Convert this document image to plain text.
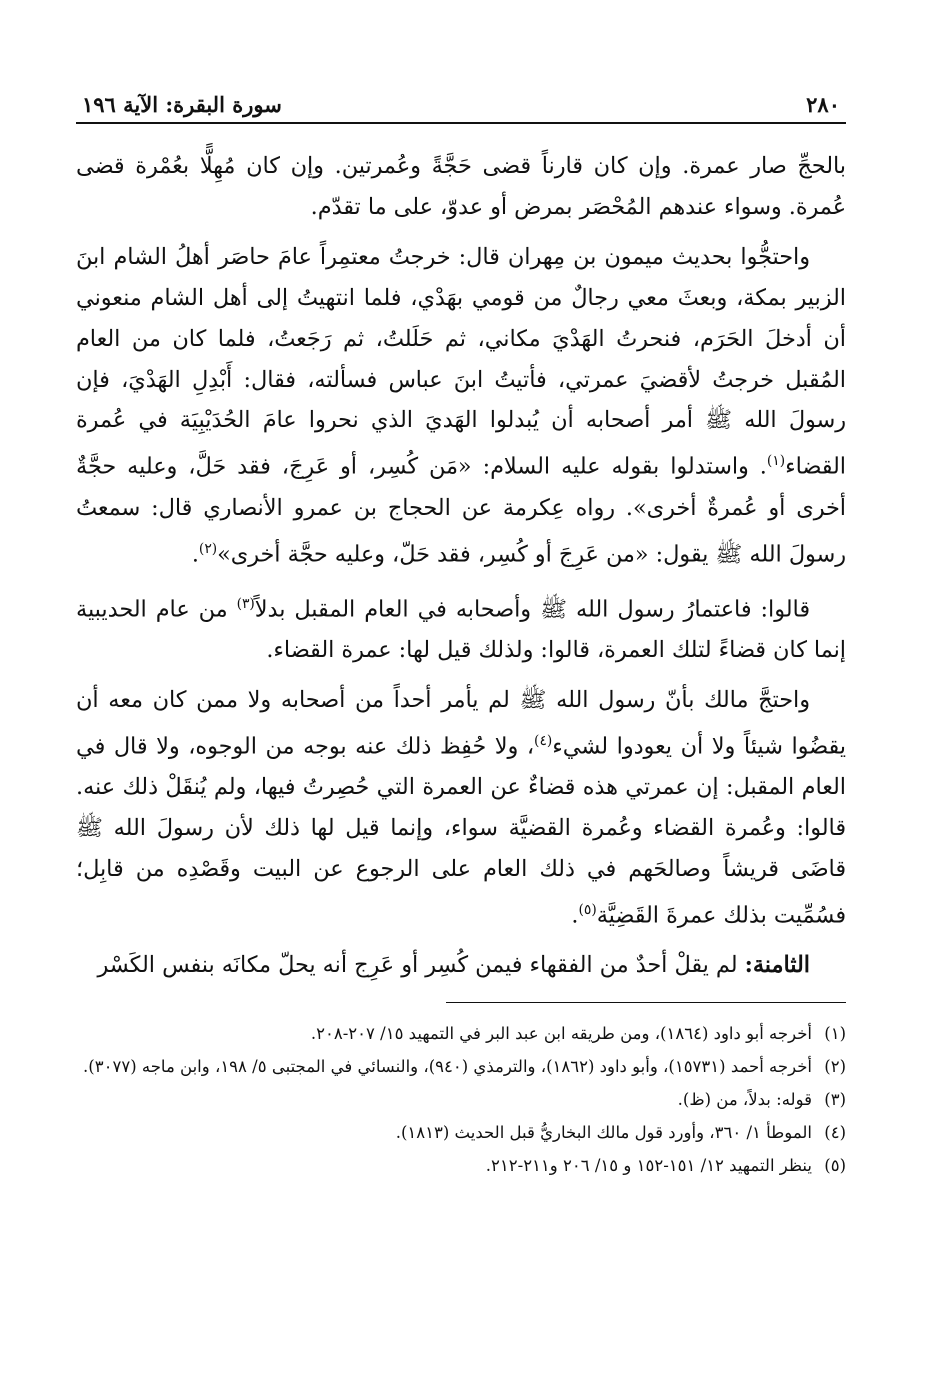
٢٨٠
سورة البقرة: الآية ١٩٦

بالحجِّ صار عمرة. وإن كان قارناً قضى حَجَّةً وعُمرتين. وإن كان مُهِلًّا بعُمْرة قضى عُمرة. وسواء عندهم المُحْصَر بمرض أو عدوّ، على ما تقدّم.

واحتجُّوا بحديث ميمون بن مِهران قال: خرجتُ معتمِراً عامَ حاصَر أهلُ الشام ابنَ الزبير بمكة، وبعثَ معي رجالٌ من قومي بهَدْي، فلما انتهيتُ إلى أهل الشام منعوني أن أدخلَ الحَرَم، فنحرتُ الهَدْيَ مكاني، ثم حَلَلتُ، ثم رَجَعتُ، فلما كان من العام المُقبل خرجتُ لأقضيَ عمرتي، فأتيتُ ابنَ عباس فسألته، فقال: أَبْدِلِ الهَدْيَ، فإن رسولَ الله ﷺ أمر أصحابه أن يُبدلوا الهَديَ الذي نحروا عامَ الحُدَيْبِيَة في عُمرة القضاء$^{(١)}$. واستدلوا بقوله عليه السلام: «مَن كُسِر، أو عَرِجَ، فقد حَلَّ، وعليه حجَّةٌ أخرى أو عُمرةٌ أخرى». رواه عِكرمة عن الحجاج بن عمرو الأنصاري قال: سمعتُ رسولَ الله ﷺ يقول: «من عَرِجَ أو كُسِر، فقد حَلّ، وعليه حجَّة أخرى»$^{(٢)}$.

قالوا: فاعتمارُ رسول الله ﷺ وأصحابه في العام المقبل بدلاً$^{(٣)}$ من عام الحديبية إنما كان قضاءً لتلك العمرة، قالوا: ولذلك قيل لها: عمرة القضاء.

واحتجَّ مالك بأنّ رسول الله ﷺ لم يأمر أحداً من أصحابه ولا ممن كان معه أن يقضُوا شيئاً ولا أن يعودوا لشيء$^{(٤)}$، ولا حُفِظ ذلك عنه بوجه من الوجوه، ولا قال في العام المقبل: إن عمرتي هذه قضاءٌ عن العمرة التي حُصِرتُ فيها، ولم يُنقَلْ ذلك عنه. قالوا: وعُمرة القضاء وعُمرة القضيَّة سواء، وإنما قيل لها ذلك لأن رسولَ الله ﷺ قاضَى قريشاً وصالحَهم في ذلك العام على الرجوع عن البيت وقَصْدِه من قابِل؛ فسُمِّيت بذلك عمرةَ القَضِيَّة$^{(٥)}$.

الثامنة: لم يقلْ أحدٌ من الفقهاء فيمن كُسِر أو عَرِج أنه يحلّ مكانَه بنفس الكَسْر

(١)
أخرجه أبو داود (١٨٦٤)، ومن طريقه ابن عبد البر في التمهيد ١٥/ ٢٠٧-٢٠٨.
(٢)
أخرجه أحمد (١٥٧٣١)، وأبو داود (١٨٦٢)، والترمذي (٩٤٠)، والنسائي في المجتبى ٥/ ١٩٨، وابن ماجه (٣٠٧٧).
(٣)
قوله: بدلاً، من (ظ).
(٤)
الموطأ ١/ ٣٦٠، وأورد قول مالك البخاريُّ قبل الحديث (١٨١٣).
(٥)
ينظر التمهيد ١٢/ ١٥١-١٥٢ و ١٥/ ٢٠٦ و٢١١-٢١٢.
